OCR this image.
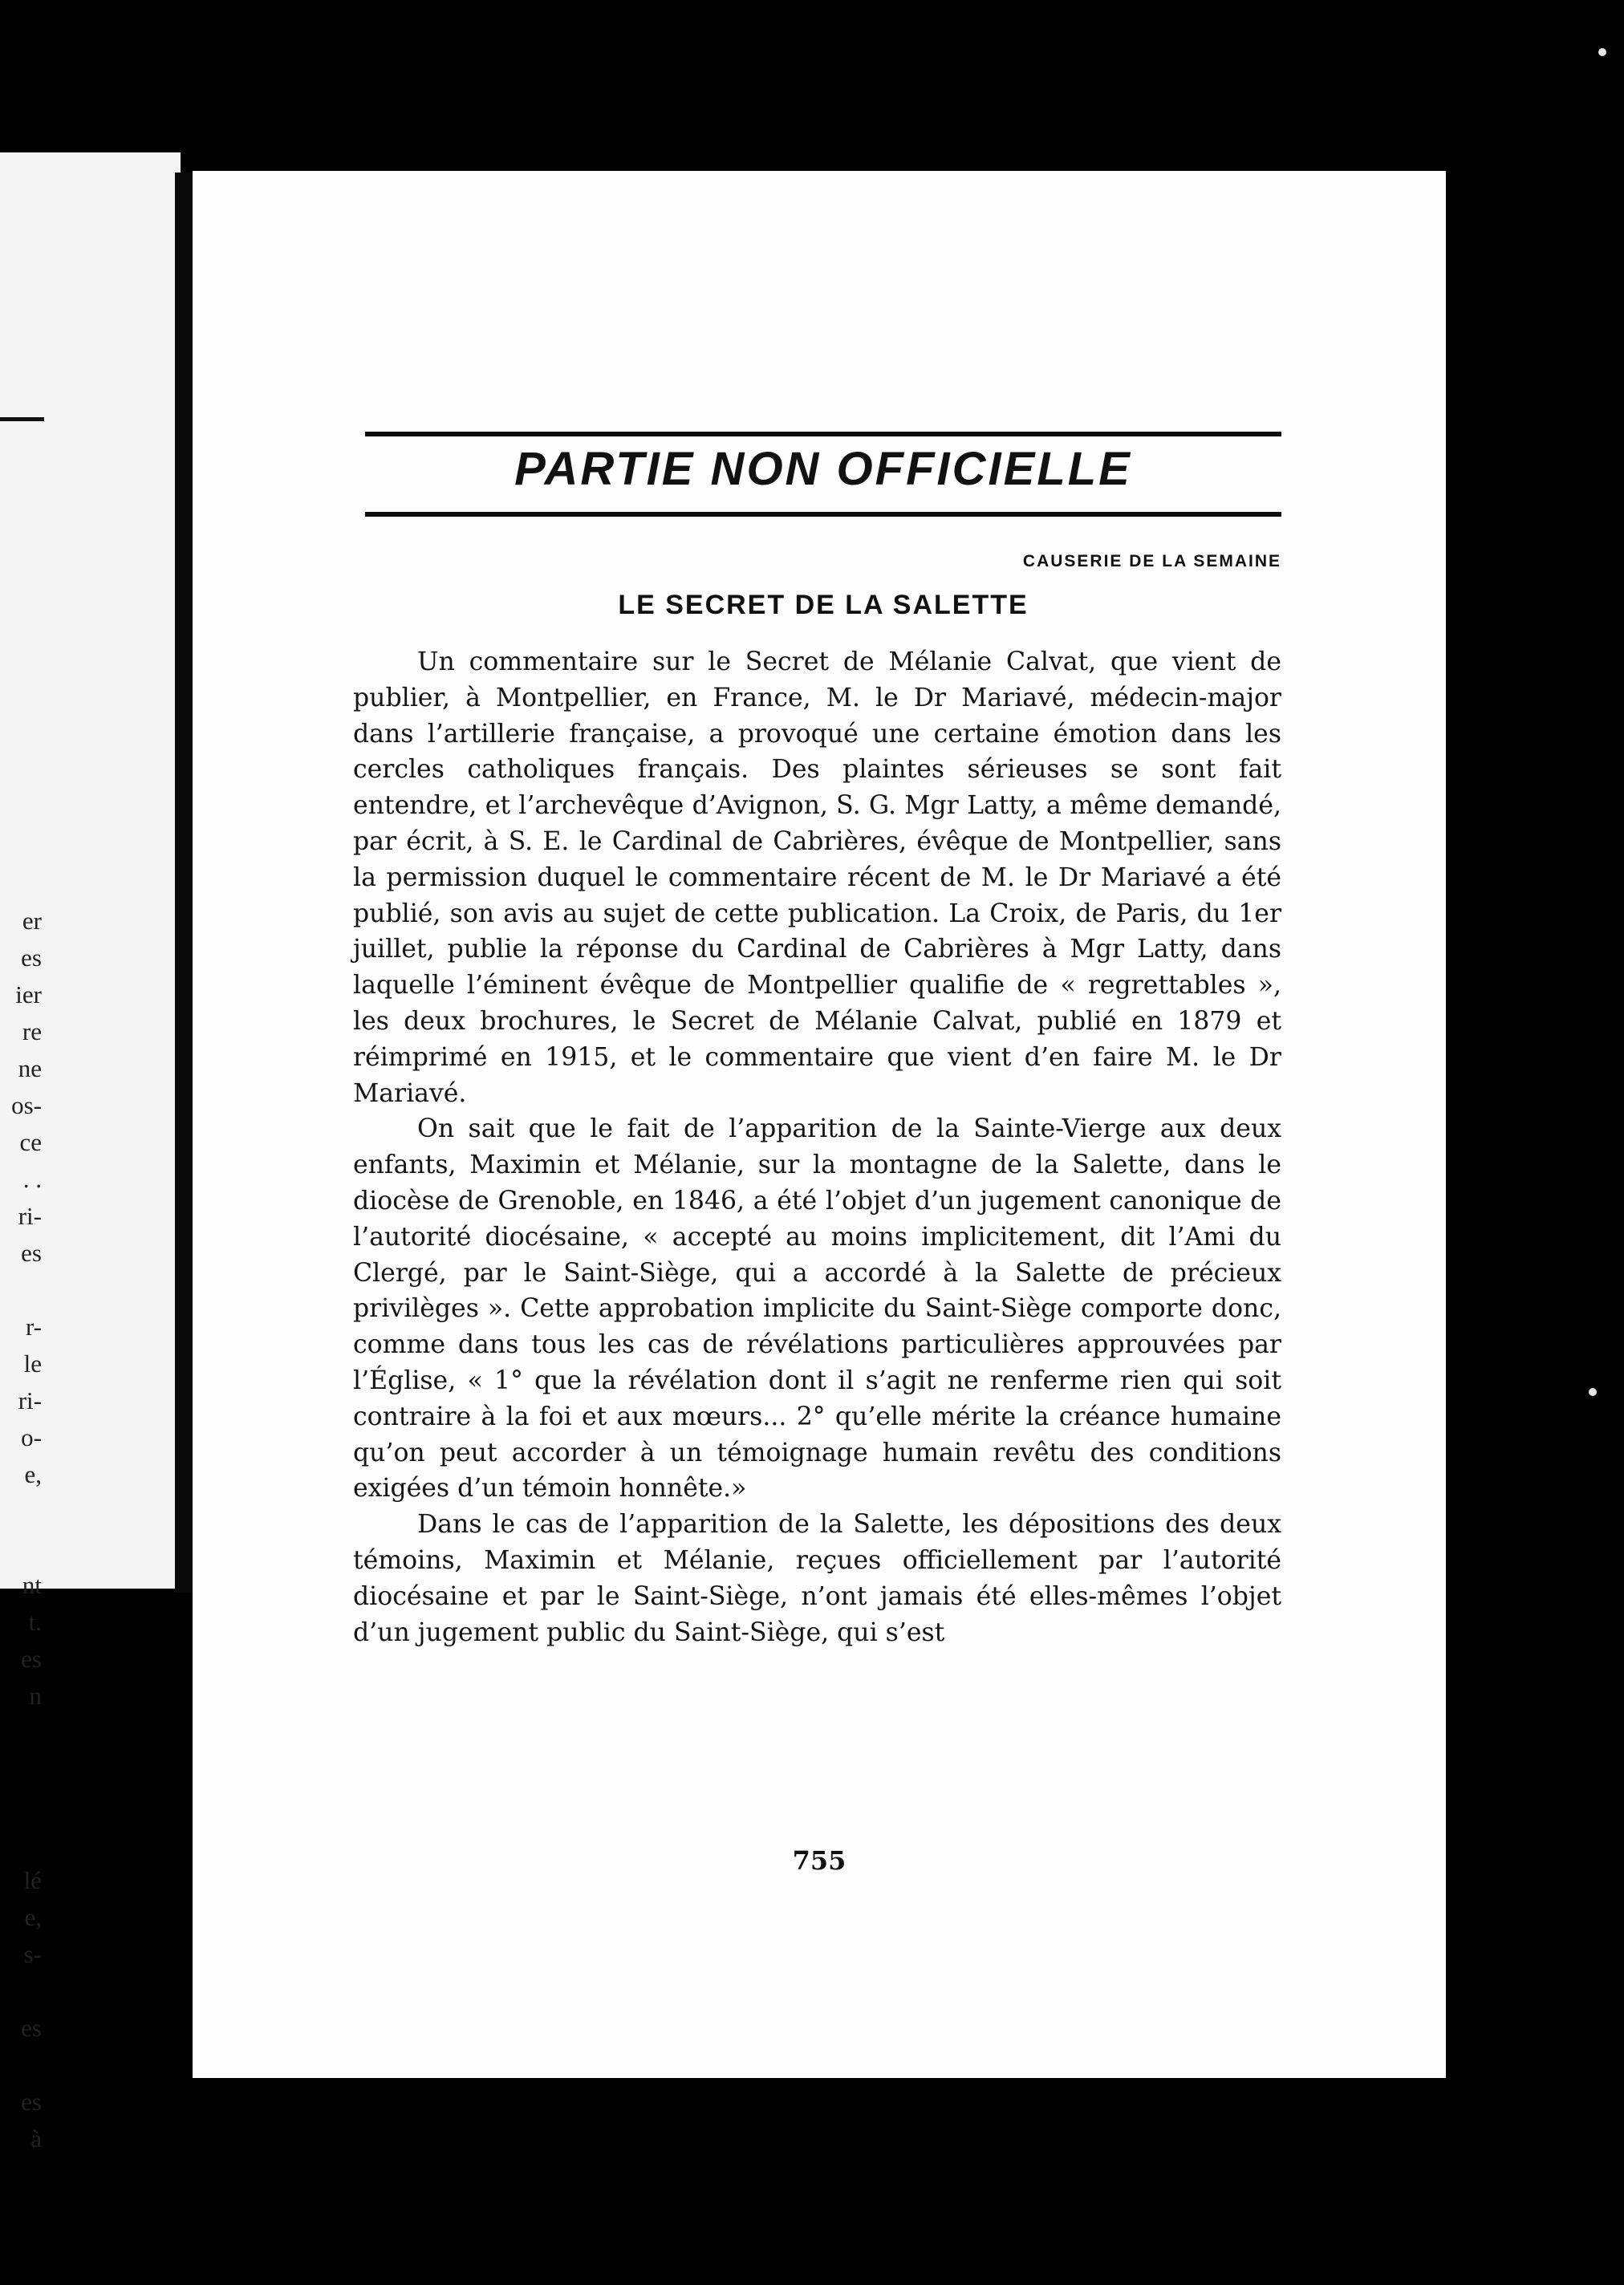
er
es
ier
re
ne
os-
ce
. .
ri-
es

r-
le
ri-
o-
e,

nt
t.
es
n

lé
e,
s-

es

es
à
PARTIE NON OFFICIELLE
CAUSERIE DE LA SEMAINE
LE SECRET DE LA SALETTE

Un commentaire sur le Secret de Mélanie Calvat, que vient de publier, à Montpellier, en France, M. le Dr Mariavé, médecin-major dans l’artillerie française, a provoqué une certaine émotion dans les cercles catholiques français. Des plaintes sérieuses se sont fait entendre, et l’archevêque d’Avignon, S. G. Mgr Latty, a même demandé, par écrit, à S. E. le Cardinal de Cabrières, évêque de Montpellier, sans la permission duquel le commentaire récent de M. le Dr Mariavé a été publié, son avis au sujet de cette publication. La Croix, de Paris, du 1er juillet, publie la réponse du Cardinal de Cabrières à Mgr Latty, dans laquelle l’éminent évêque de Montpellier qualifie de « regrettables », les deux brochures, le Secret de Mélanie Calvat, publié en 1879 et réimprimé en 1915, et le commentaire que vient d’en faire M. le Dr Mariavé.

On sait que le fait de l’apparition de la Sainte-Vierge aux deux enfants, Maximin et Mélanie, sur la montagne de la Salette, dans le diocèse de Grenoble, en 1846, a été l’objet d’un jugement canonique de l’autorité diocésaine, « accepté au moins implicitement, dit l’Ami du Clergé, par le Saint-Siège, qui a accordé à la Salette de précieux privilèges ». Cette approbation implicite du Saint-Siège comporte donc, comme dans tous les cas de révélations particulières approuvées par l’Église, « 1° que la révélation dont il s’agit ne renferme rien qui soit contraire à la foi et aux mœurs... 2° qu’elle mérite la créance humaine qu’on peut accorder à un témoignage humain revêtu des conditions exigées d’un témoin honnête.»

Dans le cas de l’apparition de la Salette, les dépositions des deux témoins, Maximin et Mélanie, reçues officiellement par l’autorité diocésaine et par le Saint-Siège, n’ont jamais été elles-mêmes l’objet d’un jugement public du Saint-Siège, qui s’est

755
